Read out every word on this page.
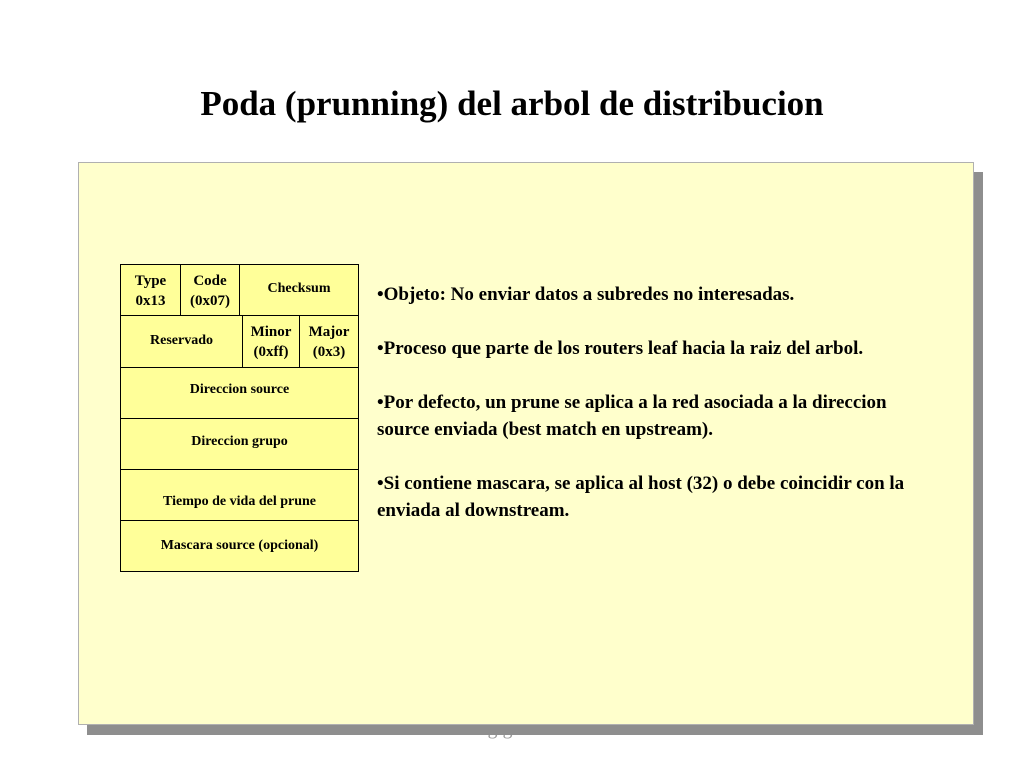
Poda (prunning) del arbol de distribucion
Type
0x13
Code
(0x07)
Checksum
Reservado
Minor
(0xff)
Major
(0x3)
Direccion source
Direccion grupo
Tiempo de vida del prune
Mascara source (opcional)

•Objeto: No enviar datos a subredes no interesadas.

•Proceso que parte de los routers leaf hacia la raiz del arbol.

•Por defecto, un prune se aplica a la red asociada a la direccion source enviada (best match en upstream).

•Si contiene mascara, se aplica al host (32) o debe coincidir con la enviada al downstream.
